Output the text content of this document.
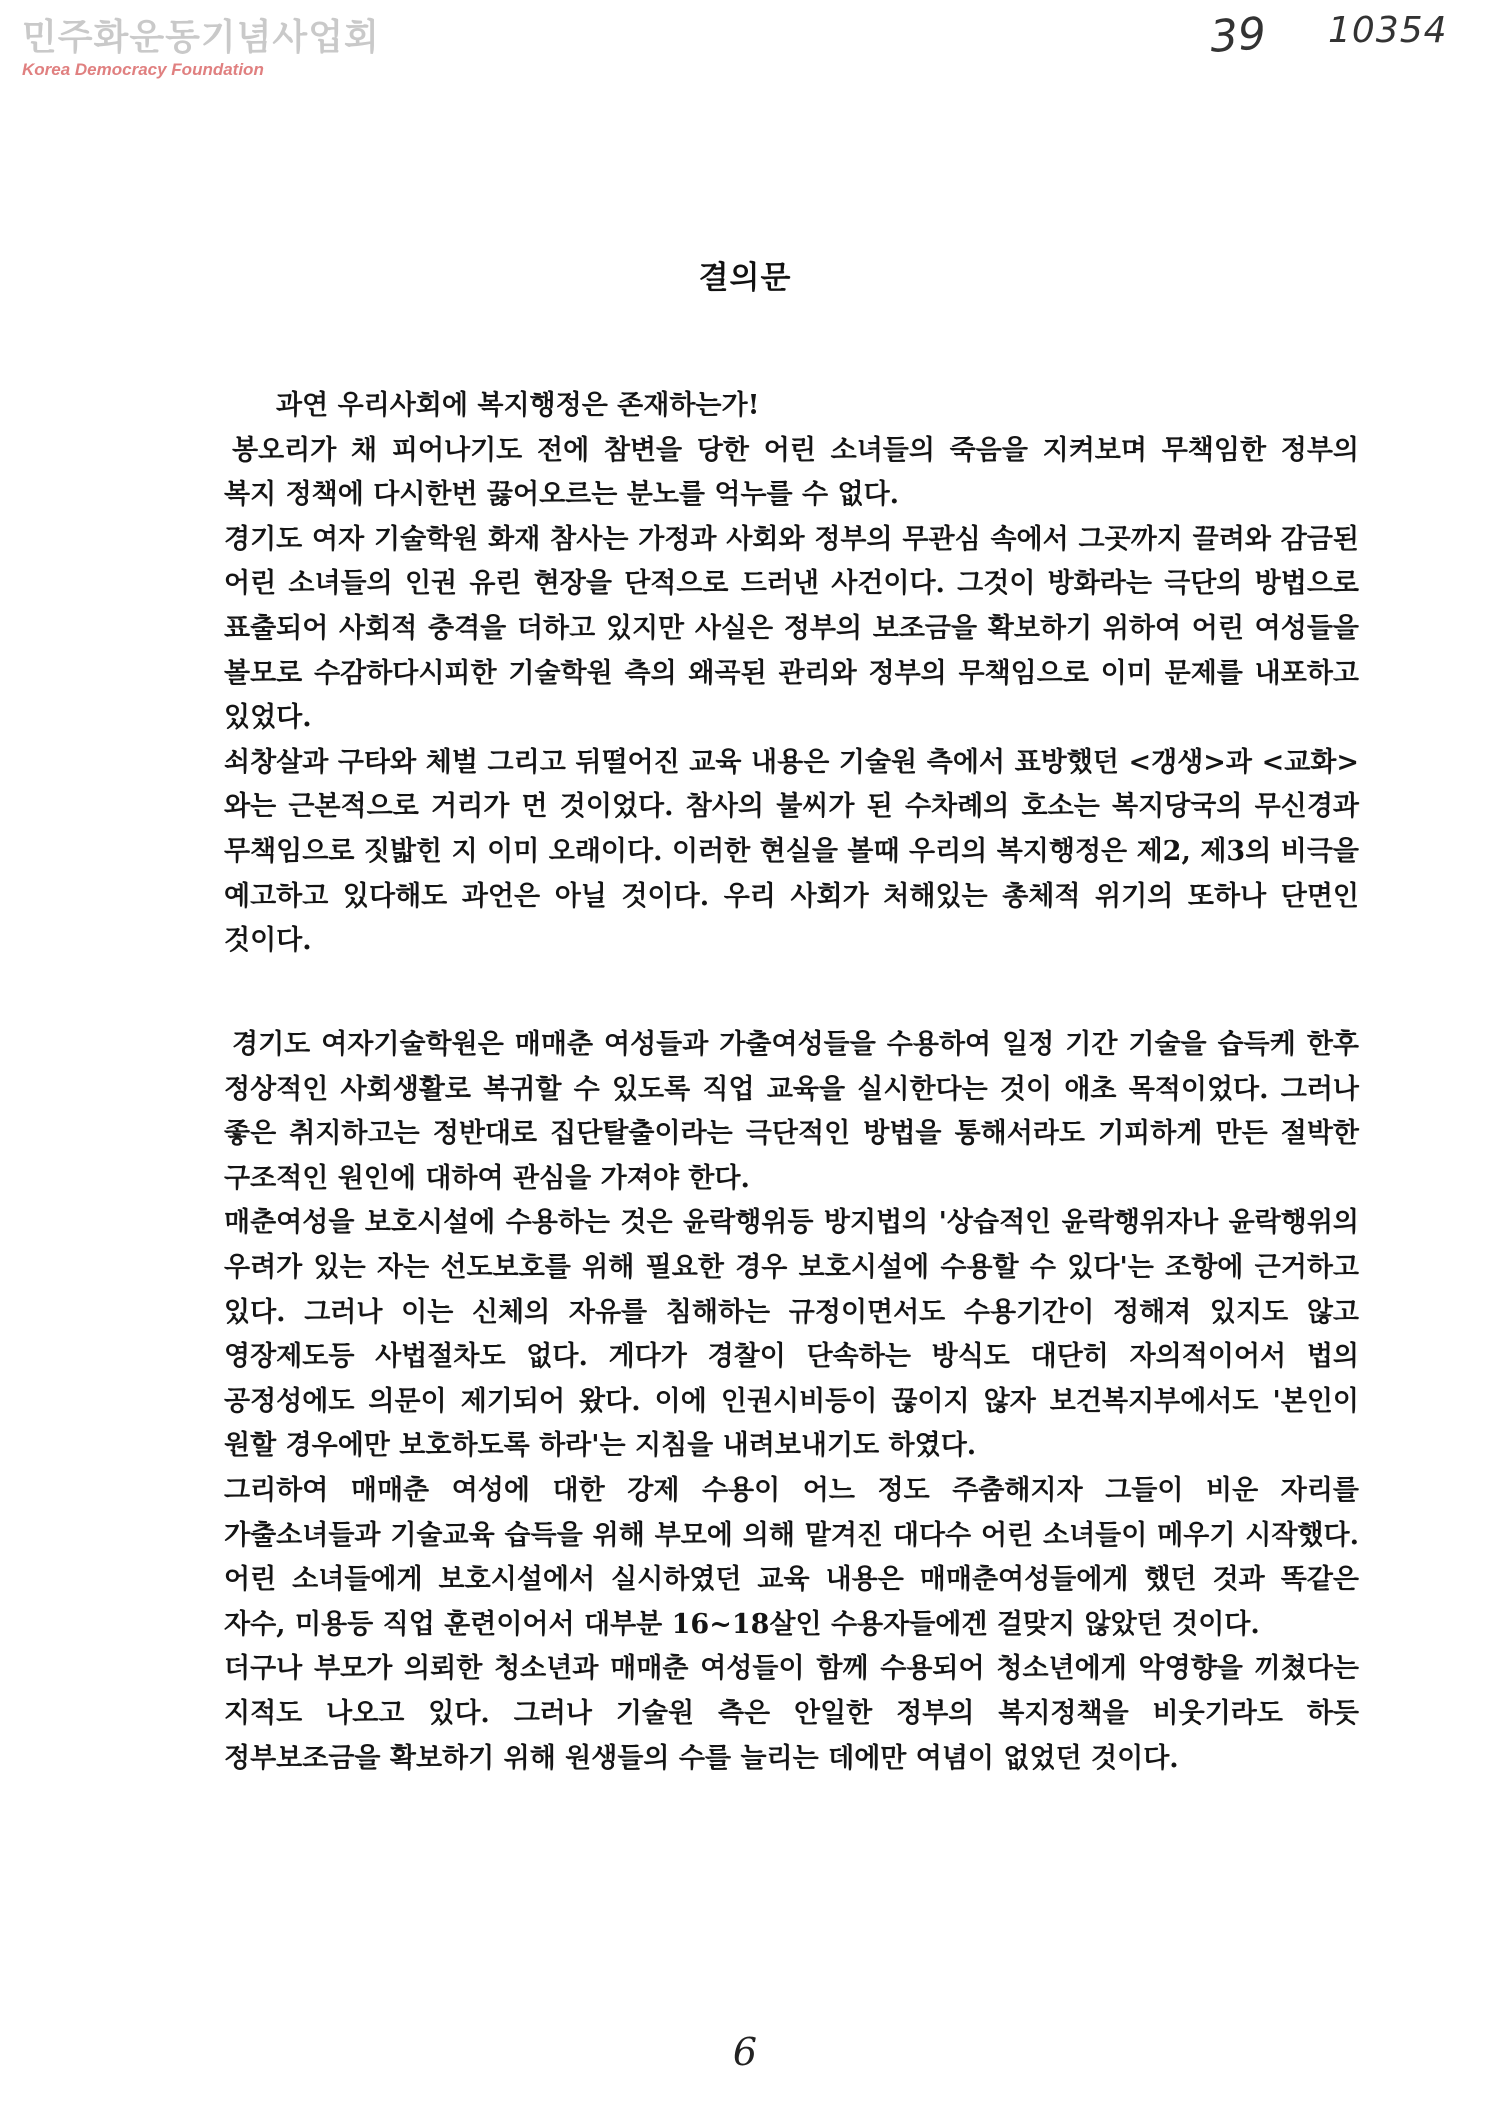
민주화운동기념사업회
Korea Democracy Foundation
39 10354
결의문

과연 우리사회에 복지행정은 존재하는가!

봉오리가 채 피어나기도 전에 참변을 당한 어린 소녀들의 죽음을 지켜보며 무책임한 정부의 복지 정책에 다시한번 끓어오르는 분노를 억누를 수 없다.

경기도 여자 기술학원 화재 참사는 가정과 사회와 정부의 무관심 속에서 그곳까지 끌려와 감금된 어린 소녀들의 인권 유린 현장을 단적으로 드러낸 사건이다. 그것이 방화라는 극단의 방법으로 표출되어 사회적 충격을 더하고 있지만 사실은 정부의 보조금을 확보하기 위하여 어린 여성들을 볼모로 수감하다시피한 기술학원 측의 왜곡된 관리와 정부의 무책임으로 이미 문제를 내포하고 있었다.

쇠창살과 구타와 체벌 그리고 뒤떨어진 교육 내용은 기술원 측에서 표방했던 <갱생>과 <교화>와는 근본적으로 거리가 먼 것이었다. 참사의 불씨가 된 수차례의 호소는 복지당국의 무신경과 무책임으로 짓밟힌 지 이미 오래이다. 이러한 현실을 볼때 우리의 복지행정은 제2, 제3의 비극을 예고하고 있다해도 과언은 아닐 것이다. 우리 사회가 처해있는 총체적 위기의 또하나 단면인 것이다.

경기도 여자기술학원은 매매춘 여성들과 가출여성들을 수용하여 일정 기간 기술을 습득케 한후 정상적인 사회생활로 복귀할 수 있도록 직업 교육을 실시한다는 것이 애초 목적이었다. 그러나 좋은 취지하고는 정반대로 집단탈출이라는 극단적인 방법을 통해서라도 기피하게 만든 절박한 구조적인 원인에 대하여 관심을 가져야 한다.

매춘여성을 보호시설에 수용하는 것은 윤락행위등 방지법의 '상습적인 윤락행위자나 윤락행위의 우려가 있는 자는 선도보호를 위해 필요한 경우 보호시설에 수용할 수 있다'는 조항에 근거하고 있다. 그러나 이는 신체의 자유를 침해하는 규정이면서도 수용기간이 정해져 있지도 않고 영장제도등 사법절차도 없다. 게다가 경찰이 단속하는 방식도 대단히 자의적이어서 법의 공정성에도 의문이 제기되어 왔다. 이에 인권시비등이 끊이지 않자 보건복지부에서도 '본인이 원할 경우에만 보호하도록 하라'는 지침을 내려보내기도 하였다.

그리하여 매매춘 여성에 대한 강제 수용이 어느 정도 주춤해지자 그들이 비운 자리를 가출소녀들과 기술교육 습득을 위해 부모에 의해 맡겨진 대다수 어린 소녀들이 메우기 시작했다. 어린 소녀들에게 보호시설에서 실시하였던 교육 내용은 매매춘여성들에게 했던 것과 똑같은 자수, 미용등 직업 훈련이어서 대부분 16~18살인 수용자들에겐 걸맞지 않았던 것이다.

더구나 부모가 의뢰한 청소년과 매매춘 여성들이 함께 수용되어 청소년에게 악영향을 끼쳤다는 지적도 나오고 있다. 그러나 기술원 측은 안일한 정부의 복지정책을 비웃기라도 하듯 정부보조금을 확보하기 위해 원생들의 수를 늘리는 데에만 여념이 없었던 것이다.

6
